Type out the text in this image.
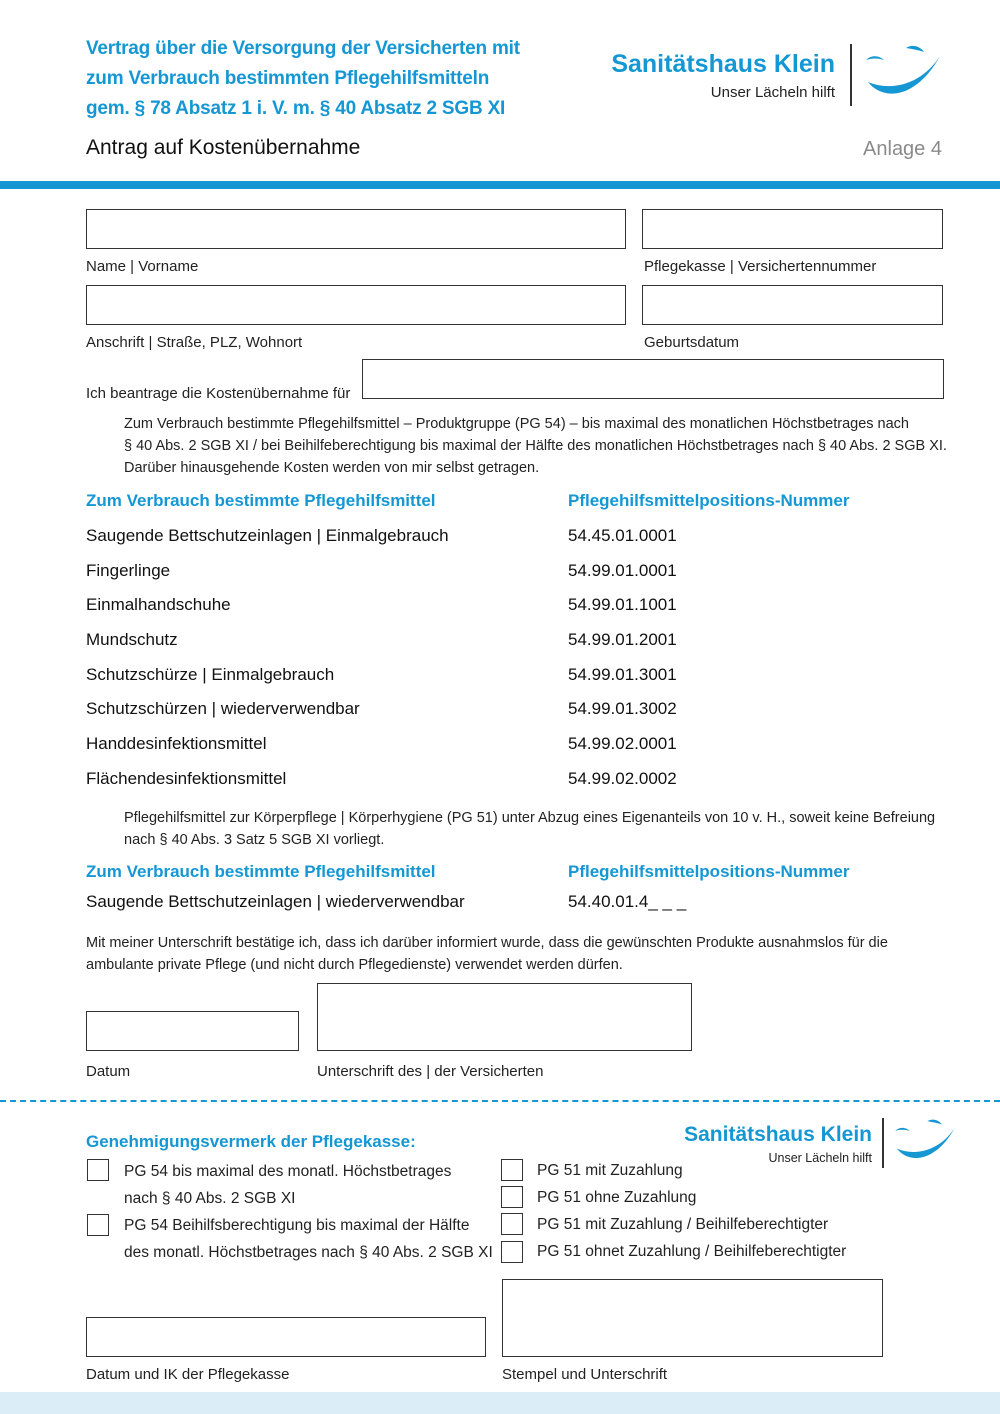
Vertrag über die Versorgung der Versicherten mit
zum Verbrauch bestimmten Pflegehilfsmitteln
gem. § 78 Absatz 1 i. V. m. § 40 Absatz 2 SGB XI
Antrag auf Kostenübernahme	Anlage 4
Sanitätshaus Klein
Unser Lächeln hilft
Name | Vorname	Pflegekasse | Versichertennummer
Anschrift | Straße, PLZ, Wohnort	Geburtsdatum
Ich beantrage die Kostenübernahme für
Zum Verbrauch bestimmte Pflegehilfsmittel – Produktgruppe (PG 54) – bis maximal des monatlichen Höchstbetrages nach
§ 40 Abs. 2 SGB XI / bei Beihilfeberechtigung bis maximal der Hälfte des monatlichen Höchstbetrages nach § 40 Abs. 2 SGB XI.
Darüber hinausgehende Kosten werden von mir selbst getragen.
Zum Verbrauch bestimmte Pflegehilfsmittel	Pflegehilfsmittelpositions-Nummer
Saugende Bettschutzeinlagen | Einmalgebrauch	54.45.01.0001
Fingerlinge	54.99.01.0001
Einmalhandschuhe	54.99.01.1001
Mundschutz	54.99.01.2001
Schutzschürze | Einmalgebrauch	54.99.01.3001
Schutzschürzen | wiederverwendbar	54.99.01.3002
Handdesinfektionsmittel	54.99.02.0001
Flächendesinfektionsmittel	54.99.02.0002
Pflegehilfsmittel zur Körperpflege | Körperhygiene (PG 51) unter Abzug eines Eigenanteils von 10 v. H., soweit keine Befreiung
nach § 40 Abs. 3 Satz 5 SGB XI vorliegt.
Zum Verbrauch bestimmte Pflegehilfsmittel	Pflegehilfsmittelpositions-Nummer
Saugende Bettschutzeinlagen | wiederverwendbar	54.40.01.4_ _ _
Mit meiner Unterschrift bestätige ich, dass ich darüber informiert wurde, dass die gewünschten Produkte ausnahmslos für die
ambulante private Pflege (und nicht durch Pflegedienste) verwendet werden dürfen.
Datum	Unterschrift des | der Versicherten
Genehmigungsvermerk der Pflegekasse:	Sanitätshaus Klein
Unser Lächeln hilft
PG 54 bis maximal des monatl. Höchstbetrages
nach § 40 Abs. 2 SGB XI
PG 54 Beihilfsberechtigung bis maximal der Hälfte
des monatl. Höchstbetrages nach § 40 Abs. 2 SGB XI
PG 51 mit Zuzahlung
PG 51 ohne Zuzahlung
PG 51 mit Zuzahlung / Beihilfeberechtigter
PG 51 ohnet Zuzahlung / Beihilfeberechtigter
Datum und IK der Pflegekasse	Stempel und Unterschrift
